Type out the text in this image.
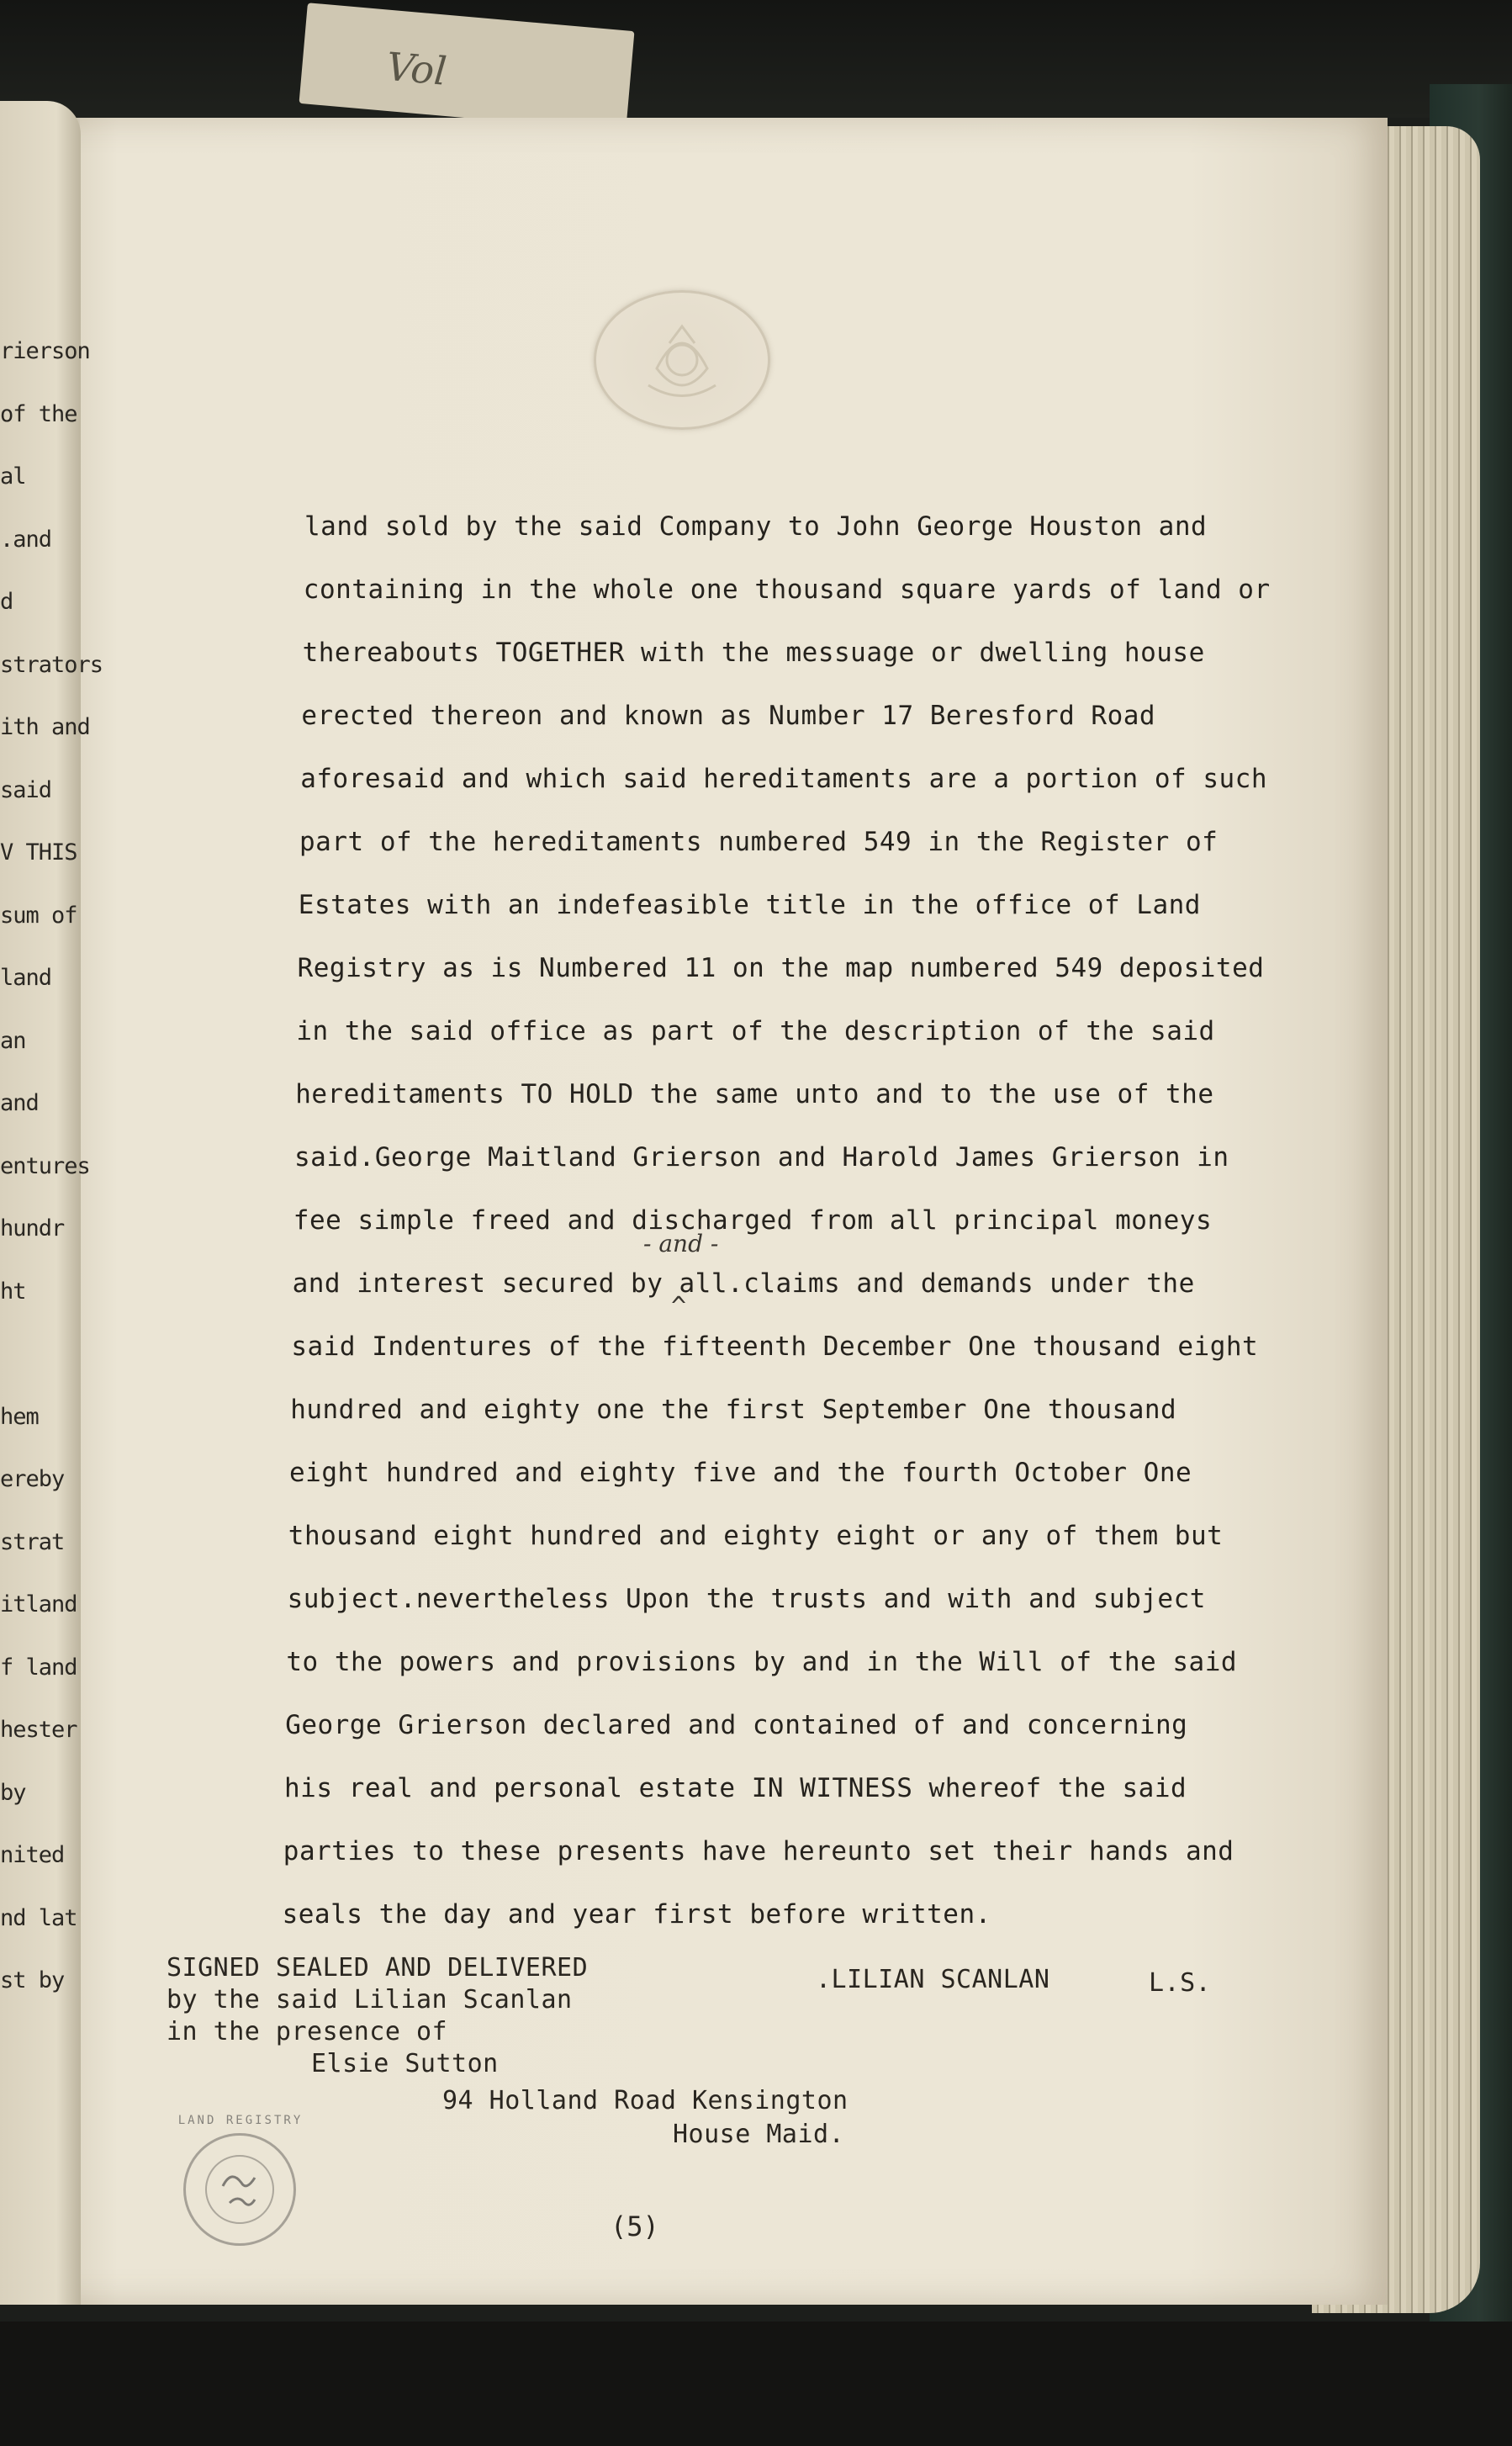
Vol
rierson
of the
al
.and
d
strators
ith and
said
V THIS
sum of
land
an
and
entures
hundr
ht
hem
ereby
strat
itland
f land
hester
by
nited
nd lat
st by
land sold by the said Company to John George Houston and
containing in the whole one thousand square yards of land or
thereabouts TOGETHER with the messuage or dwelling house
erected thereon and known as Number 17 Beresford Road
aforesaid and which said hereditaments are a portion of such
part of the hereditaments numbered 549 in the Register of
Estates with an indefeasible title in the office of Land
Registry as is Numbered 11 on the map numbered 549 deposited
in the said office as part of the description of the said
hereditaments TO HOLD the same unto and to the use of the
said.George Maitland Grierson and Harold James Grierson in
fee simple freed and discharged from all principal moneys
and interest secured by all.claims and demands under the
said Indentures of the fifteenth December One thousand eight
hundred and eighty one the first September One thousand
eight hundred and eighty five and the fourth October One
thousand eight hundred and eighty eight or any of them but
subject.nevertheless Upon the trusts and with and subject
to the powers and provisions by and in the Will of the said
George Grierson declared and contained of and concerning
his real and personal estate IN WITNESS whereof the said
parties to these presents have hereunto set their hands and
seals the day and year first before written.
- and -
^
SIGNED SEALED AND DELIVERED
by the said Lilian Scanlan
in the presence of
Elsie Sutton
94 Holland Road Kensington
House Maid.
.LILIAN SCANLAN	L.S.
LAND REGISTRY
(5)
